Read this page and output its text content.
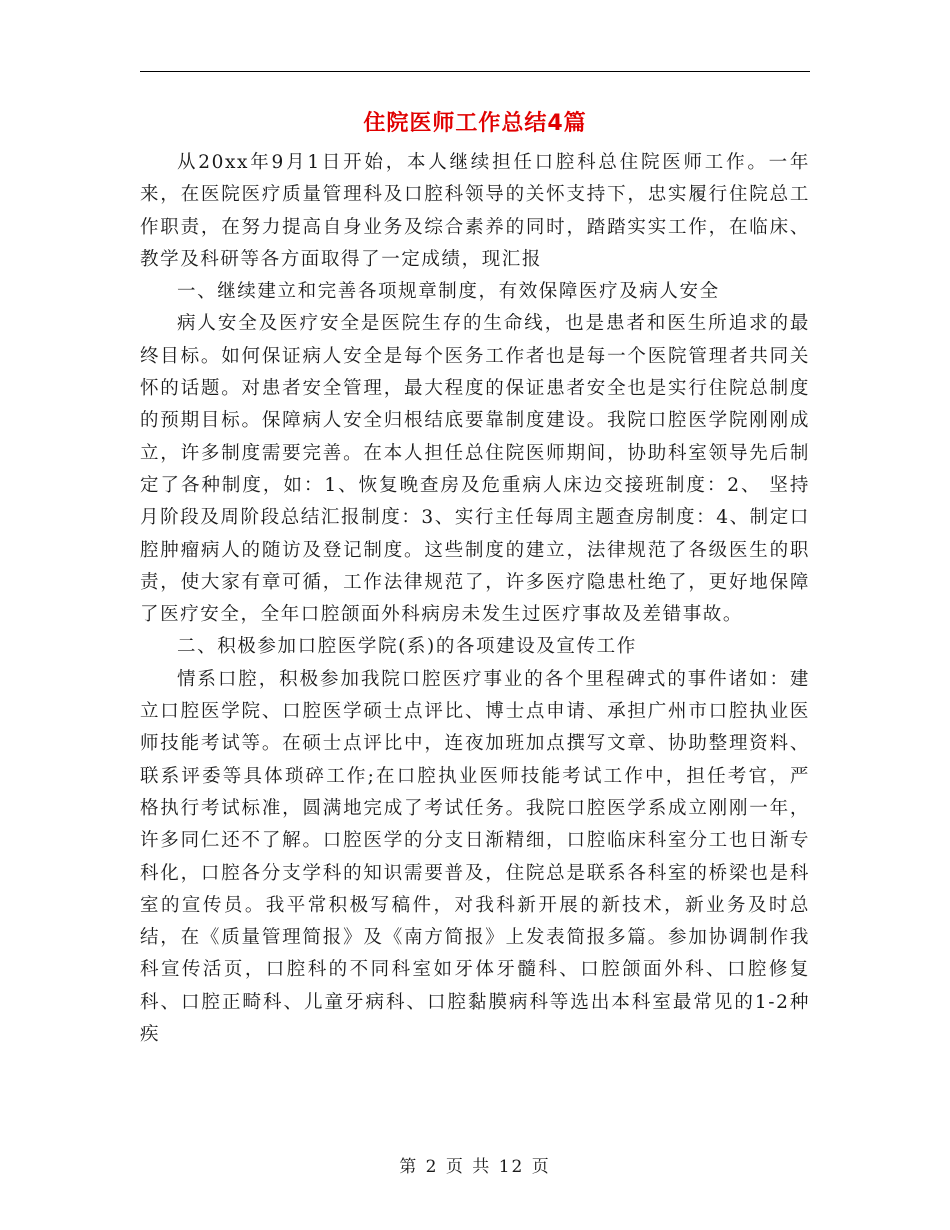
住院医师工作总结4篇

从20xx年9月1日开始，本人继续担任口腔科总住院医师工作。一年来，在医院医疗质量管理科及口腔科领导的关怀支持下，忠实履行住院总工作职责，在努力提高自身业务及综合素养的同时，踏踏实实工作，在临床、教学及科研等各方面取得了一定成绩，现汇报

一、继续建立和完善各项规章制度，有效保障医疗及病人安全

病人安全及医疗安全是医院生存的生命线，也是患者和医生所追求的最终目标。如何保证病人安全是每个医务工作者也是每一个医院管理者共同关怀的话题。对患者安全管理，最大程度的保证患者安全也是实行住院总制度的预期目标。保障病人安全归根结底要靠制度建设。我院口腔医学院刚刚成立，许多制度需要完善。在本人担任总住院医师期间，协助科室领导先后制定了各种制度，如：1、恢复晚查房及危重病人床边交接班制度：2、 坚持月阶段及周阶段总结汇报制度：3、实行主任每周主题查房制度：4、制定口腔肿瘤病人的随访及登记制度。这些制度的建立，法律规范了各级医生的职责，使大家有章可循，工作法律规范了，许多医疗隐患杜绝了，更好地保障了医疗安全，全年口腔颌面外科病房未发生过医疗事故及差错事故。

二、积极参加口腔医学院(系)的各项建设及宣传工作

情系口腔，积极参加我院口腔医疗事业的各个里程碑式的事件诸如：建立口腔医学院、口腔医学硕士点评比、博士点申请、承担广州市口腔执业医师技能考试等。在硕士点评比中，连夜加班加点撰写文章、协助整理资料、联系评委等具体琐碎工作;在口腔执业医师技能考试工作中，担任考官，严格执行考试标准，圆满地完成了考试任务。我院口腔医学系成立刚刚一年，许多同仁还不了解。口腔医学的分支日渐精细，口腔临床科室分工也日渐专科化，口腔各分支学科的知识需要普及，住院总是联系各科室的桥梁也是科室的宣传员。我平常积极写稿件，对我科新开展的新技术，新业务及时总结，在《质量管理简报》及《南方简报》上发表简报多篇。参加协调制作我科宣传活页，口腔科的不同科室如牙体牙髓科、口腔颌面外科、口腔修复科、口腔正畸科、儿童牙病科、口腔黏膜病科等选出本科室最常见的1-2种疾

第 2 页 共 12 页
